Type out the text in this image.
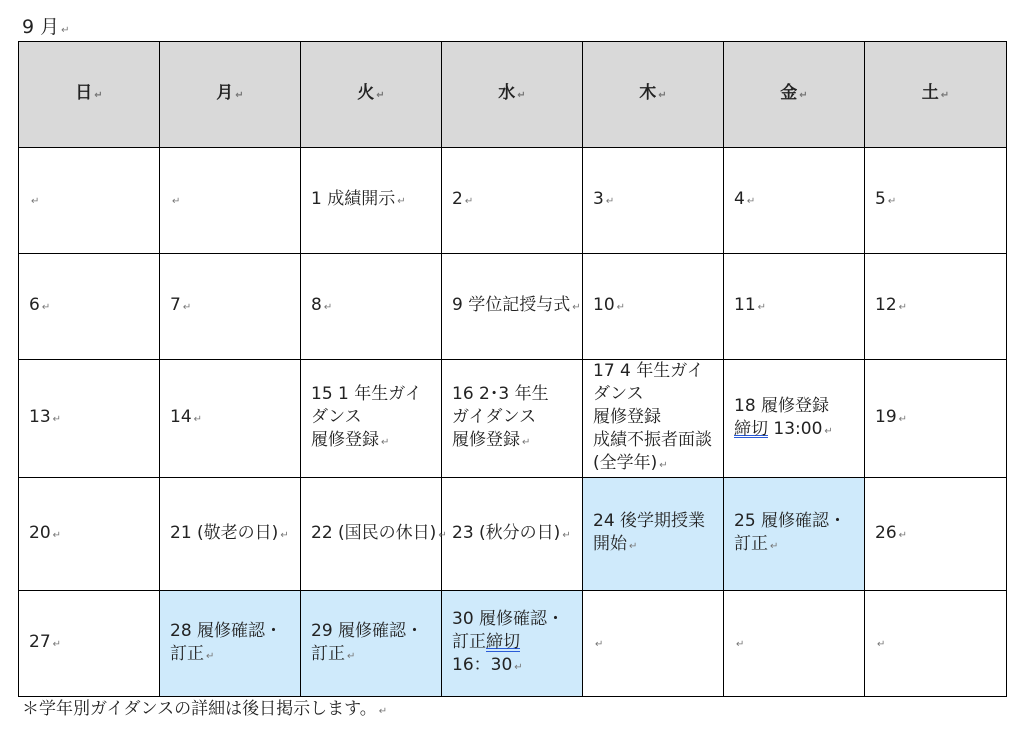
9 月 ↵
日 ↵	月 ↵	火 ↵	水 ↵	木 ↵	金 ↵	土 ↵

↵	↵	1 成績開示 ↵	2 ↵	3 ↵	4 ↵	5 ↵

6 ↵	7 ↵	8 ↵	9 学位記授与式 ↵	10 ↵	11 ↵	12 ↵

13 ↵	14 ↵	15 1 年生ガイ
ダンス
履修登録 ↵	16 2･3 年生
ガイダンス
履修登録 ↵	17 4 年生ガイ
ダンス
履修登録
成績不振者面談
(全学年) ↵	18 履修登録
締切 13:00 ↵	19 ↵

20 ↵	21 (敬老の日) ↵	22 (国民の休日) ↵	23 (秋分の日) ↵	24 後学期授業
開始 ↵	25 履修確認・
訂正 ↵	26 ↵

27 ↵	28 履修確認・
訂正 ↵	29 履修確認・
訂正 ↵	30 履修確認・
訂正締切
16：30 ↵	↵	↵	↵
＊学年別ガイダンスの詳細は後日掲示します。 ↵
